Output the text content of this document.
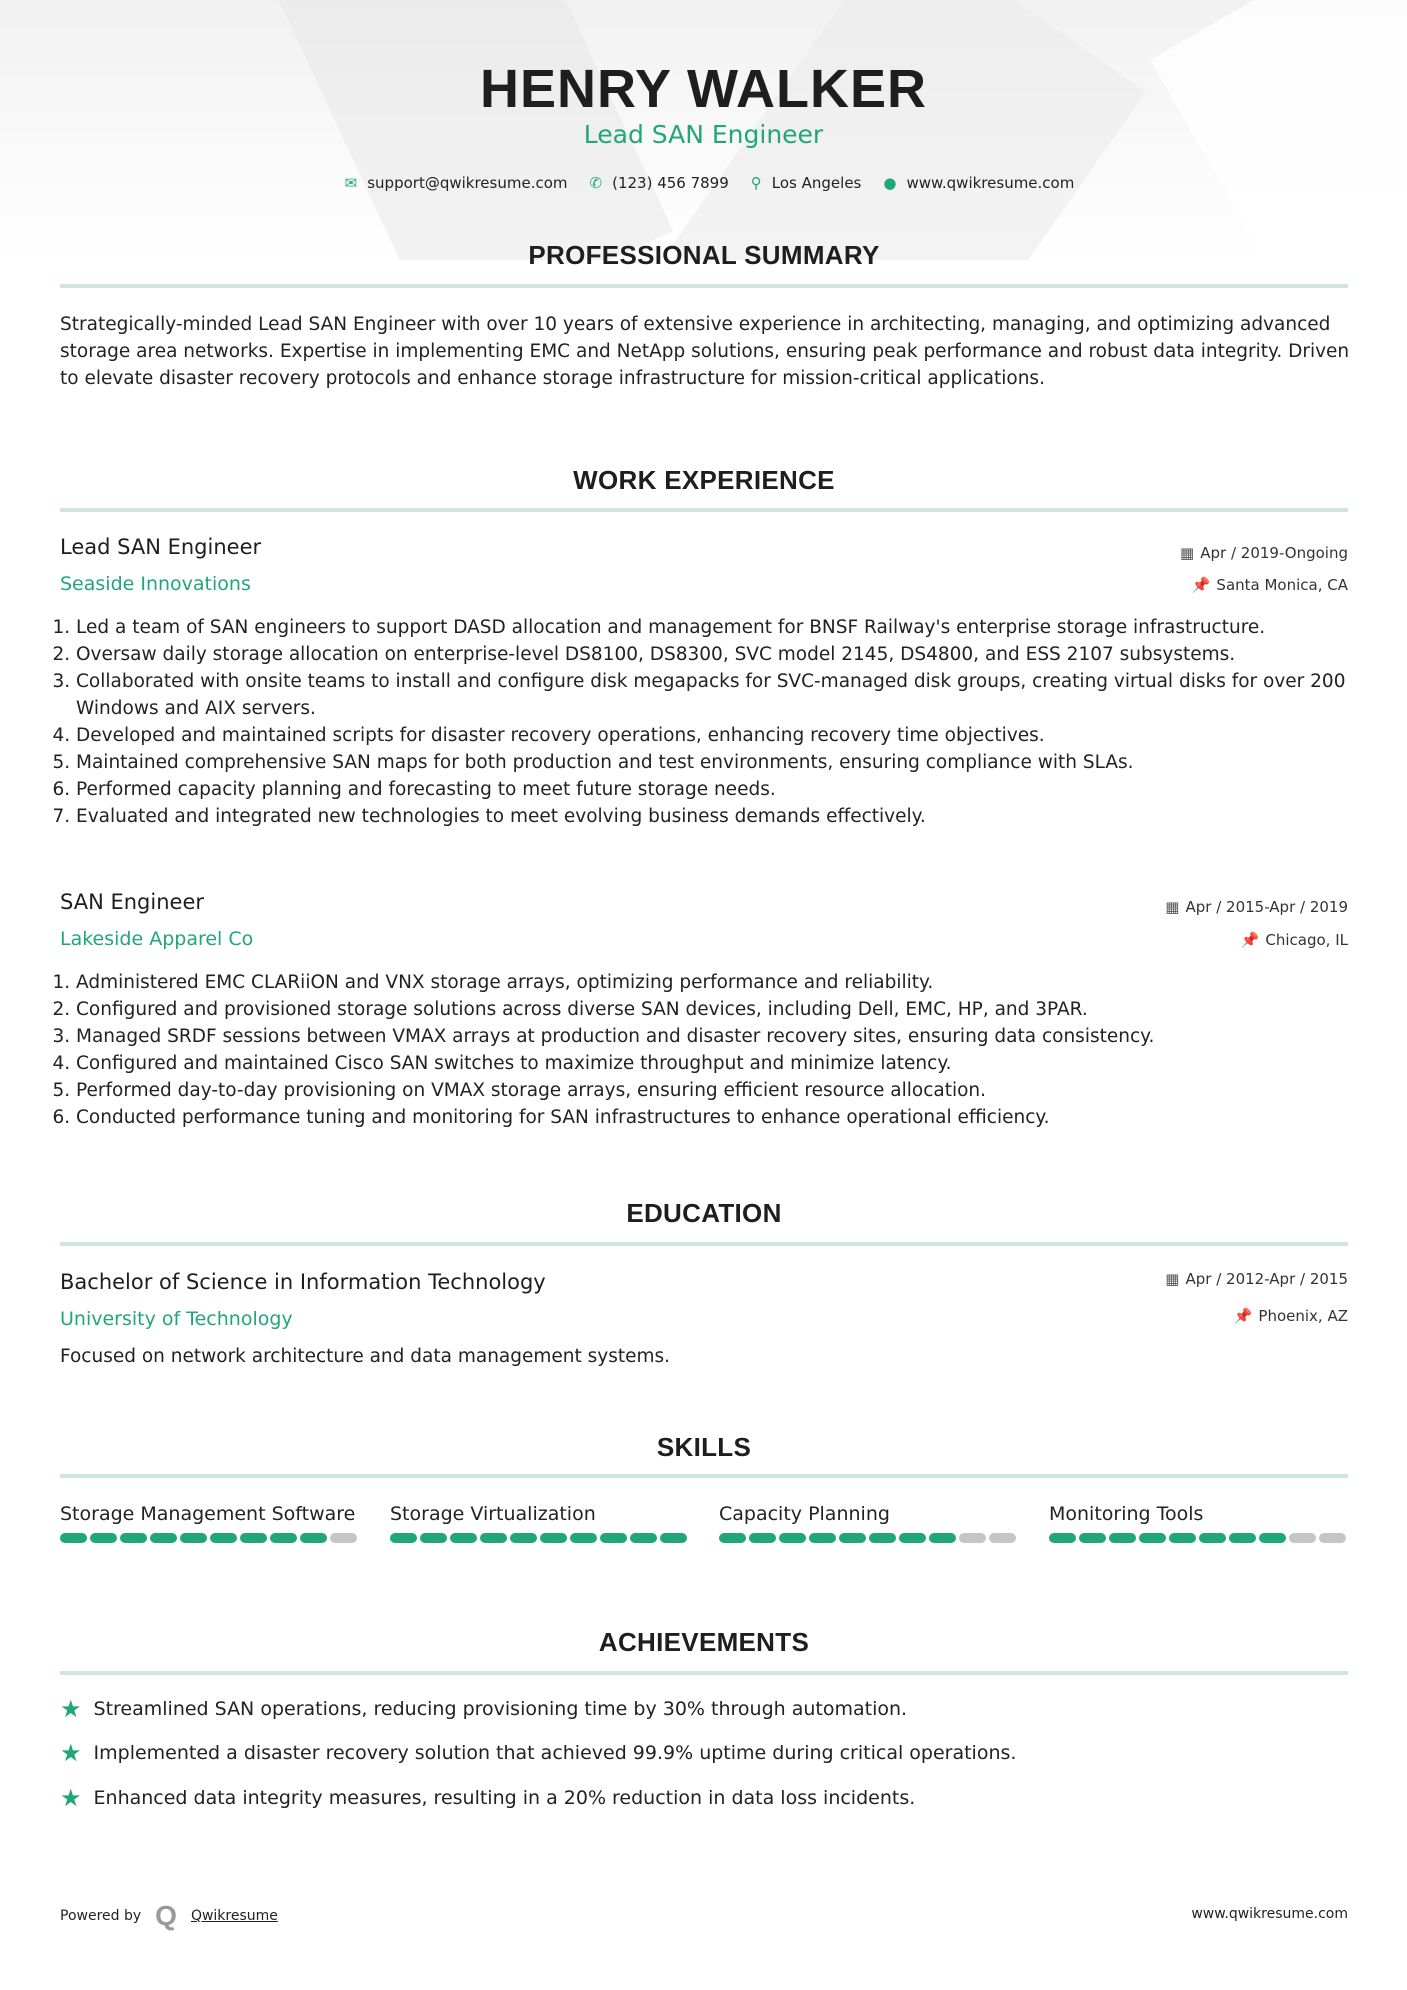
HENRY WALKER
Lead SAN Engineer
✉ support@qwikresume.com ✆ (123) 456 7899 ⚲ Los Angeles ● www.qwikresume.com
PROFESSIONAL SUMMARY
Strategically-minded Lead SAN Engineer with over 10 years of extensive experience in architecting, managing, and optimizing advanced storage area networks. Expertise in implementing EMC and NetApp solutions, ensuring peak performance and robust data integrity. Driven to elevate disaster recovery protocols and enhance storage infrastructure for mission-critical applications.
WORK EXPERIENCE
Lead SAN Engineer	▦ Apr / 2019-Ongoing
Seaside Innovations	📌 Santa Monica, CA
1. Led a team of SAN engineers to support DASD allocation and management for BNSF Railway's enterprise storage infrastructure.
2. Oversaw daily storage allocation on enterprise-level DS8100, DS8300, SVC model 2145, DS4800, and ESS 2107 subsystems.
3. Collaborated with onsite teams to install and configure disk megapacks for SVC-managed disk groups, creating virtual disks for over 200 Windows and AIX servers.
4. Developed and maintained scripts for disaster recovery operations, enhancing recovery time objectives.
5. Maintained comprehensive SAN maps for both production and test environments, ensuring compliance with SLAs.
6. Performed capacity planning and forecasting to meet future storage needs.
7. Evaluated and integrated new technologies to meet evolving business demands effectively.
SAN Engineer	▦ Apr / 2015-Apr / 2019
Lakeside Apparel Co	📌 Chicago, IL
1. Administered EMC CLARiiON and VNX storage arrays, optimizing performance and reliability.
2. Configured and provisioned storage solutions across diverse SAN devices, including Dell, EMC, HP, and 3PAR.
3. Managed SRDF sessions between VMAX arrays at production and disaster recovery sites, ensuring data consistency.
4. Configured and maintained Cisco SAN switches to maximize throughput and minimize latency.
5. Performed day-to-day provisioning on VMAX storage arrays, ensuring efficient resource allocation.
6. Conducted performance tuning and monitoring for SAN infrastructures to enhance operational efficiency.
EDUCATION
Bachelor of Science in Information Technology	▦ Apr / 2012-Apr / 2015
University of Technology	📌 Phoenix, AZ
Focused on network architecture and data management systems.
SKILLS
Storage Management Software Storage Virtualization	Capacity Planning	Monitoring Tools
ACHIEVEMENTS
★ Streamlined SAN operations, reducing provisioning time by 30% through automation.
★ Implemented a disaster recovery solution that achieved 99.9% uptime during critical operations.
★ Enhanced data integrity measures, resulting in a 20% reduction in data loss incidents.
Powered by Q Qwikresume	www.qwikresume.com
